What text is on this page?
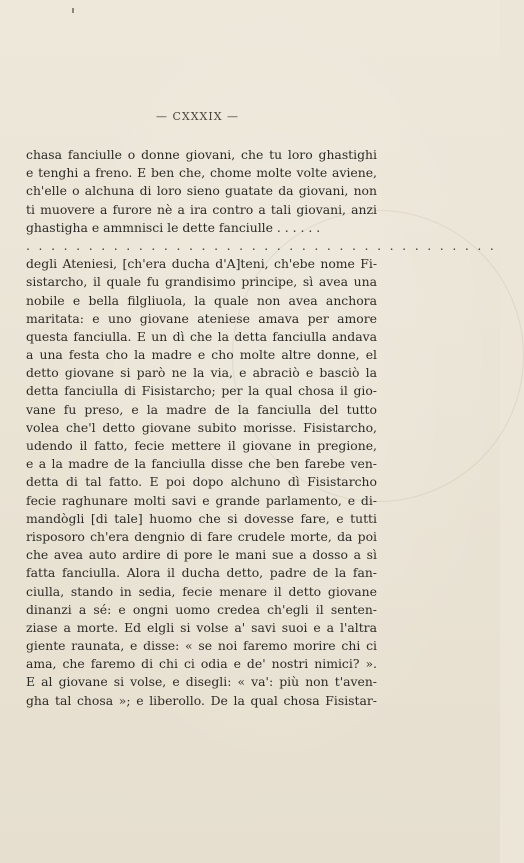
— CXXXIX —
chasa fanciulle o donne giovani, che tu loro ghastighi
e tenghi a freno. E ben che, chome molte volte aviene,
ch'elle o alchuna di loro sieno guatate da giovani, non
ti muovere a furore nè a ira contro a tali giovani, anzi
ghastigha e ammnisci le dette fanciulle . . . . . .
......................................
degli Ateniesi, [ch'era ducha d'A]teni, ch'ebe nome Fi-
sistarcho, il quale fu grandisimo principe, sì avea una
nobile e bella filgliuola, la quale non avea anchora
maritata: e uno giovane ateniese amava per amore
questa fanciulla. E un dì che la detta fanciulla andava
a una festa cho la madre e cho molte altre donne, el
detto giovane si parò ne la via, e abraciò e basciò la
detta fanciulla di Fisistarcho; per la qual chosa il gio-
vane fu preso, e la madre de la fanciulla del tutto
volea che'l detto giovane subito morisse. Fisistarcho,
udendo il fatto, fecie mettere il giovane in pregione,
e a la madre de la fanciulla disse che ben farebe ven-
detta di tal fatto. E poi dopo alchuno dì Fisistarcho
fecie raghunare molti savi e grande parlamento, e di-
mandògli [di tale] huomo che si dovesse fare, e tutti
risposoro ch'era dengnio di fare crudele morte, da poi
che avea auto ardire di pore le mani sue a dosso a sì
fatta fanciulla. Alora il ducha detto, padre de la fan-
ciulla, stando in sedia, fecie menare il detto giovane
dinanzi a sé: e ongni uomo credea ch'egli il senten-
ziase a morte. Ed elgli si volse a' savi suoi e a l'altra
giente raunata, e disse: « se noi faremo morire chi ci
ama, che faremo di chi ci odia e de' nostri nimici? ».
E al giovane si volse, e disegli: « va': più non t'aven-
gha tal chosa »; e liberollo. De la qual chosa Fisistar-
